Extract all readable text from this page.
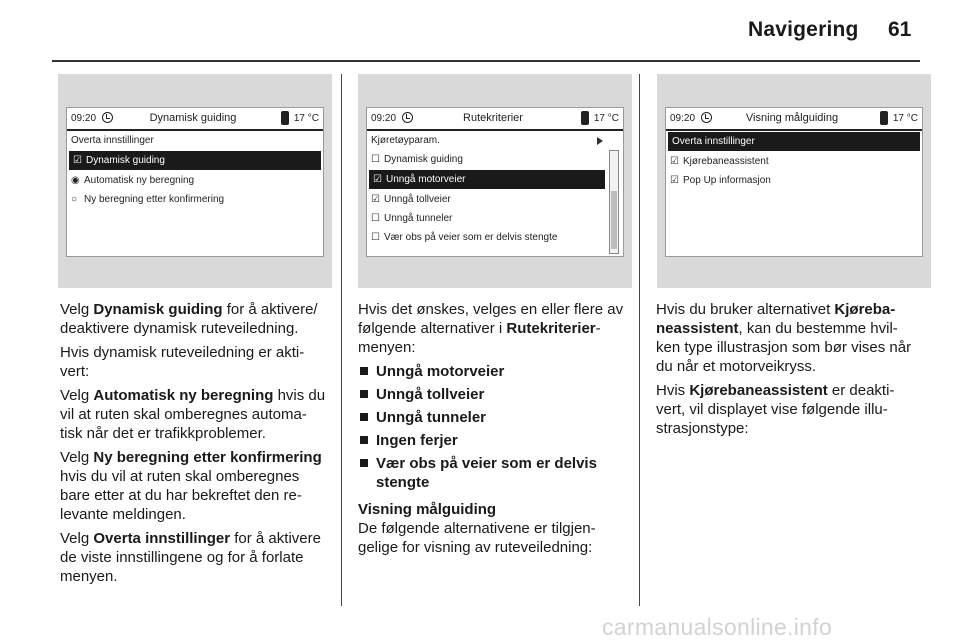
Navigering 61
09:20	Dynamisk guiding	17 °C
Overta innstillinger
☑ Dynamisk guiding
◉ Automatisk ny beregning
○ Ny beregning etter konfirmering
09:20	Rutekriterier	17 °C
Kjøretøyparam.
☐ Dynamisk guiding
☑ Unngå motorveier
☑ Unngå tollveier
☐ Unngå tunneler
☐ Vær obs på veier som er delvis stengte
09:20	Visning målguiding	17 °C
Overta innstillinger
☑ Kjørebaneassistent
☑ Pop Up informasjon

Velg Dynamisk guiding for å aktivere/ deaktivere dynamisk ruteveiledning.

Hvis dynamisk ruteveiledning er akti- vert:

Velg Automatisk ny beregning hvis du vil at ruten skal omberegnes automa- tisk når det er trafikkproblemer.

Velg Ny beregning etter konfirmering hvis du vil at ruten skal omberegnes bare etter at du har bekreftet den re- levante meldingen.

Velg Overta innstillinger for å aktivere de viste innstillingene og for å forlate menyen.

Hvis det ønskes, velges en eller flere av følgende alternativer i Rutekriterier-menyen:

Unngå motorveier
Unngå tollveier
Unngå tunneler
Ingen ferjer
Vær obs på veier som er delvis stengte
Visning målguiding

De følgende alternativene er tilgjen- gelige for visning av ruteveiledning:

Hvis du bruker alternativet Kjøreba- neassistent, kan du bestemme hvil- ken type illustrasjon som bør vises når du når et motorveikryss.

Hvis Kjørebaneassistent er deakti- vert, vil displayet vise følgende illu- strasjonstype:

carmanualsonline.info
